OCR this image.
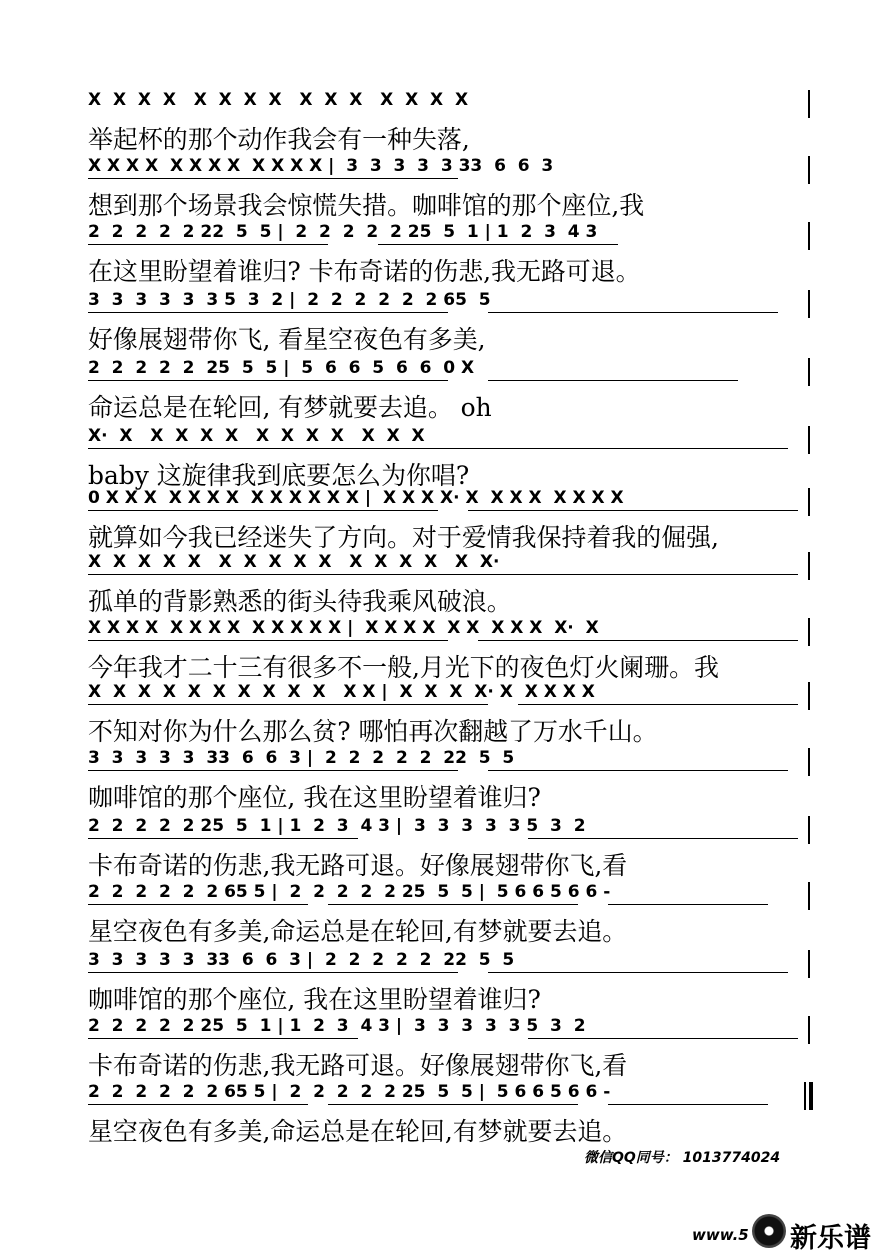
X  X  X  X   X  X  X  X   X  X  X   X  X  X  X
举起杯的那个动作我会有一种失落,
X X X X  X X X X  X X X X |  3  3  3  3  3 33  6  6  3
想到那个场景我会惊慌失措。咖啡馆的那个座位,我
2  2  2  2  2 22  5  5 |  2  2  2  2  2 25  5  1 | 1  2  3  4 3
在这里盼望着谁归? 卡布奇诺的伤悲,我无路可退。
3  3  3  3  3  3 5  3  2 |  2  2  2  2  2  2 65  5
好像展翅带你飞, 看星空夜色有多美,
2  2  2  2  2  25  5  5 |  5  6  6  5  6  6  0 X
命运总是在轮回, 有梦就要去追。 oh
X·  X   X  X  X  X   X  X  X  X   X  X  X
baby 这旋律我到底要怎么为你唱?
0 X X X  X X X X  X X X X X X |  X X X X· X  X X X  X X X X
就算如今我已经迷失了方向。对于爱情我保持着我的倔强,
X  X  X  X  X   X  X  X  X  X   X  X  X  X   X  X·
孤单的背影熟悉的街头待我乘风破浪。
X X X X  X X X X  X X X X X |  X X X X  X X  X X X  X·  X
今年我才二十三有很多不一般,月光下的夜色灯火阑珊。我
X  X  X  X  X  X  X  X  X  X   X X |  X  X  X  X· X  X X X X
不知对你为什么那么贫? 哪怕再次翻越了万水千山。
3  3  3  3  3  33  6  6  3 |  2  2  2  2  2  22  5  5
咖啡馆的那个座位, 我在这里盼望着谁归?
2  2  2  2  2 25  5  1 | 1  2  3  4 3 |  3  3  3  3  3 5  3  2
卡布奇诺的伤悲,我无路可退。好像展翅带你飞,看
2  2  2  2  2  2 65 5 |  2  2  2  2  2 25  5  5 |  5 6 6 5 6 6 -
星空夜色有多美,命运总是在轮回,有梦就要去追。
3  3  3  3  3  33  6  6  3 |  2  2  2  2  2  22  5  5
咖啡馆的那个座位, 我在这里盼望着谁归?
2  2  2  2  2 25  5  1 | 1  2  3  4 3 |  3  3  3  3  3 5  3  2
卡布奇诺的伤悲,我无路可退。好像展翅带你飞,看
2  2  2  2  2  2 65 5 |  2  2  2  2  2 25  5  5 |  5 6 6 5 6 6 -
星空夜色有多美,命运总是在轮回,有梦就要去追。
微信QQ同号： 1013774024
www.5 新乐谱
